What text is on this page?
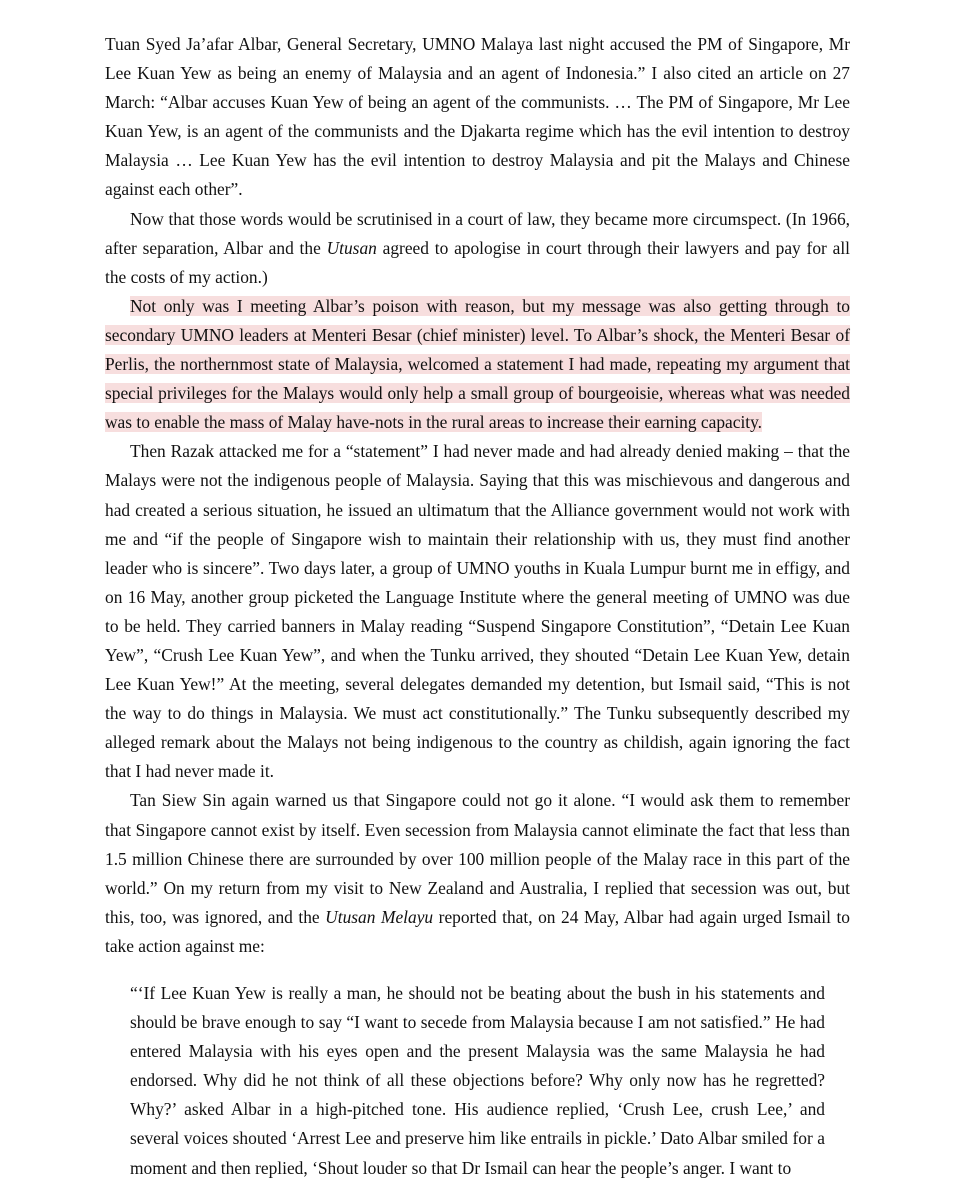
Tuan Syed Ja’afar Albar, General Secretary, UMNO Malaya last night accused the PM of Singapore, Mr Lee Kuan Yew as being an enemy of Malaysia and an agent of Indonesia.” I also cited an article on 27 March: “Albar accuses Kuan Yew of being an agent of the communists. … The PM of Singapore, Mr Lee Kuan Yew, is an agent of the communists and the Djakarta regime which has the evil intention to destroy Malaysia … Lee Kuan Yew has the evil intention to destroy Malaysia and pit the Malays and Chinese against each other”.

Now that those words would be scrutinised in a court of law, they became more circumspect. (In 1966, after separation, Albar and the Utusan agreed to apologise in court through their lawyers and pay for all the costs of my action.)

Not only was I meeting Albar’s poison with reason, but my message was also getting through to secondary UMNO leaders at Menteri Besar (chief minister) level. To Albar’s shock, the Menteri Besar of Perlis, the northernmost state of Malaysia, welcomed a statement I had made, repeating my argument that special privileges for the Malays would only help a small group of bourgeoisie, whereas what was needed was to enable the mass of Malay have-nots in the rural areas to increase their earning capacity.

Then Razak attacked me for a “statement” I had never made and had already denied making – that the Malays were not the indigenous people of Malaysia. Saying that this was mischievous and dangerous and had created a serious situation, he issued an ultimatum that the Alliance government would not work with me and “if the people of Singapore wish to maintain their relationship with us, they must find another leader who is sincere”. Two days later, a group of UMNO youths in Kuala Lumpur burnt me in effigy, and on 16 May, another group picketed the Language Institute where the general meeting of UMNO was due to be held. They carried banners in Malay reading “Suspend Singapore Constitution”, “Detain Lee Kuan Yew”, “Crush Lee Kuan Yew”, and when the Tunku arrived, they shouted “Detain Lee Kuan Yew, detain Lee Kuan Yew!” At the meeting, several delegates demanded my detention, but Ismail said, “This is not the way to do things in Malaysia. We must act constitutionally.” The Tunku subsequently described my alleged remark about the Malays not being indigenous to the country as childish, again ignoring the fact that I had never made it.

Tan Siew Sin again warned us that Singapore could not go it alone. “I would ask them to remember that Singapore cannot exist by itself. Even secession from Malaysia cannot eliminate the fact that less than 1.5 million Chinese there are surrounded by over 100 million people of the Malay race in this part of the world.” On my return from my visit to New Zealand and Australia, I replied that secession was out, but this, too, was ignored, and the Utusan Melayu reported that, on 24 May, Albar had again urged Ismail to take action against me:

“‘If Lee Kuan Yew is really a man, he should not be beating about the bush in his statements and should be brave enough to say “I want to secede from Malaysia because I am not satisfied.” He had entered Malaysia with his eyes open and the present Malaysia was the same Malaysia he had endorsed. Why did he not think of all these objections before? Why only now has he regretted? Why?’ asked Albar in a high-pitched tone. His audience replied, ‘Crush Lee, crush Lee,’ and several voices shouted ‘Arrest Lee and preserve him like entrails in pickle.’ Dato Albar smiled for a moment and then replied, ‘Shout louder so that Dr Ismail can hear the people’s anger. I want to
